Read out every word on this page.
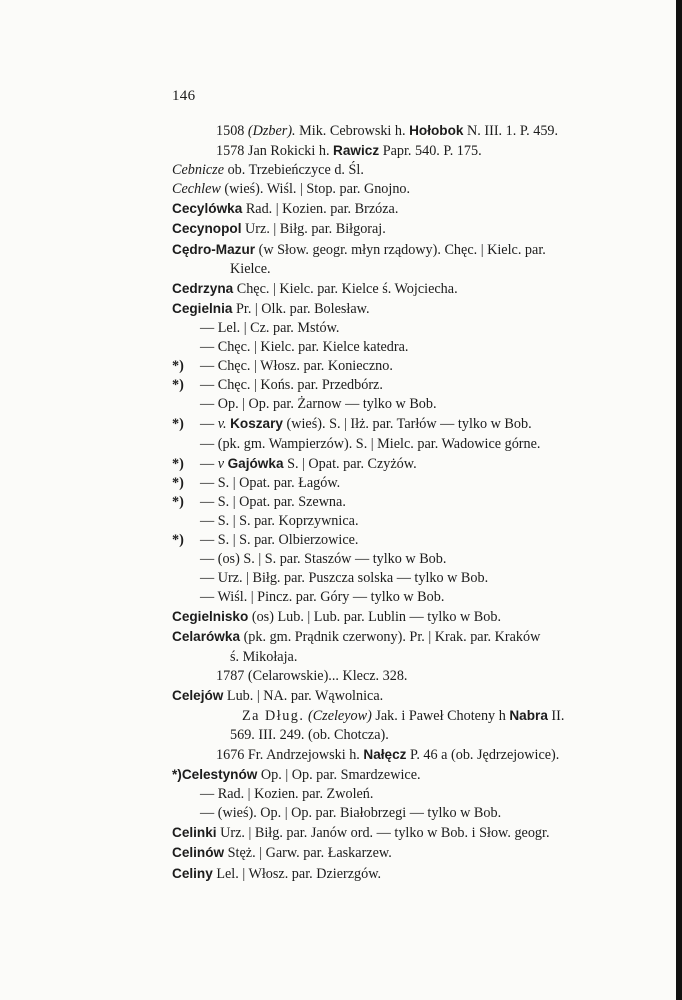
146
1508 (Dzber). Mik. Cebrowski h. Hołobok N. III. 1. P. 459.
1578 Jan Rokicki h. Rawicz Papr. 540. P. 175.
Cebnicze ob. Trzebieńczyce d. Śl.
Cechlew (wieś). Wiśl. | Stop. par. Gnojno.
Cecylówka Rad. | Kozien. par. Brzóza.
Cecynopol Urz. | Biłg. par. Biłgoraj.
Cędro-Mazur (w Słow. geogr. młyn rządowy). Chęc. | Kielc. par.
Kielce.
Cedrzyna Chęc. | Kielc. par. Kielce ś. Wojciecha.
Cegielnia Pr. | Olk. par. Bolesław.
— Lel. | Cz. par. Mstów.
— Chęc. | Kielc. par. Kielce katedra.
*) — Chęc. | Włosz. par. Konieczno.
*) — Chęc. | Końs. par. Przedbórz.
— Op. | Op. par. Żarnow — tylko w Bob.
*) — v. Koszary (wieś). S. | Iłż. par. Tarłów — tylko w Bob.
— (pk. gm. Wampierzów). S. | Mielc. par. Wadowice górne.
*) — v Gajówka S. | Opat. par. Czyżów.
*) — S. | Opat. par. Łagów.
*) — S. | Opat. par. Szewna.
— S. | S. par. Koprzywnica.
*) — S. | S. par. Olbierzowice.
— (os) S. | S. par. Staszów — tylko w Bob.
— Urz. | Biłg. par. Puszcza solska — tylko w Bob.
— Wiśl. | Pincz. par. Góry — tylko w Bob.
Cegielnisko (os) Lub. | Lub. par. Lublin — tylko w Bob.
Celarówka (pk. gm. Prądnik czerwony). Pr. | Krak. par. Kraków
ś. Mikołaja.
1787 (Celarowskie)... Klecz. 328.
Celejów Lub. | NA. par. Wąwolnica.
Za Dług. (Czeleyow) Jak. i Paweł Choteny h Nabra II.
569. III. 249. (ob. Chotcza).
1676 Fr. Andrzejowski h. Nałęcz P. 46 a (ob. Jędrzejowice).
*)Celestynów Op. | Op. par. Smardzewice.
— Rad. | Kozien. par. Zwoleń.
— (wieś). Op. | Op. par. Białobrzegi — tylko w Bob.
Celinki Urz. | Biłg. par. Janów ord. — tylko w Bob. i Słow. geogr.
Celinów Stęż. | Garw. par. Łaskarzew.
Celiny Lel. | Włosz. par. Dzierzgów.
